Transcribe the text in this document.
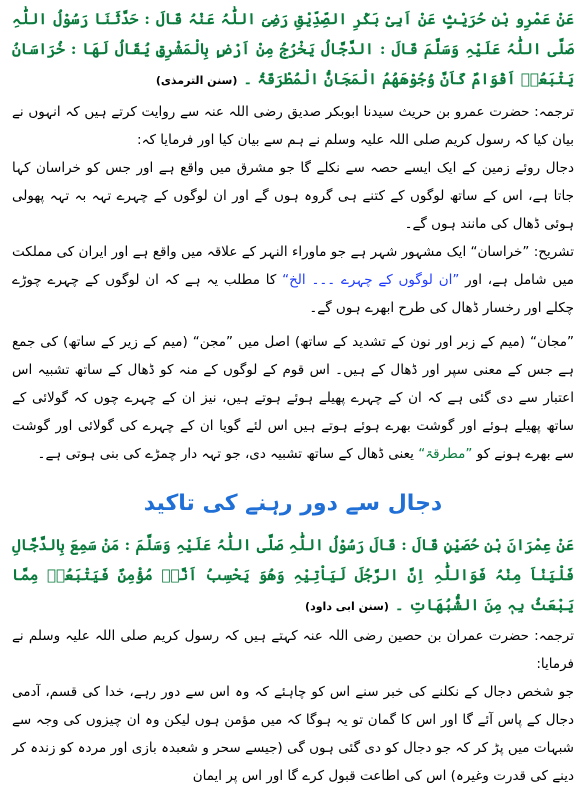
عَنْ عَمْرِو بْنِ حُرَيْثٍ عَنْ اَبِیْ بَکْرِ الصِّدِّیْقِ رَضِیَ اللّٰہُ عَنْہُ قَالَ : حَدَّثَنَا رَسُوْلُ اللّٰہِ صَلَّی اللّٰہُ عَلَیْہِ وَسَلَّمَ قَالَ : الدَّجَّالُ یَخْرُجُ مِنْ اَرْضٍ بِالْمَشْرِقِ یُقَالُ لَھَا : خُرَاسَانُ یَتْبَعُہٗ اَقْوَامٌ کَاَنَّ وُجُوْھَھُمُ الْمَجَانُّ الْمُطْرَقَۃُ ۔(سنن الترمذی)

ترجمہ: حضرت عمرو بن حریث سیدنا ابوبکر صدیق رضی اللہ عنہ سے روایت کرتے ہیں کہ انہوں نے بیان کیا کہ رسول کریم صلی اللہ علیہ وسلم نے ہم سے بیان کیا اور فرمایا کہ:

دجال روئے زمین کے ایک ایسے حصہ سے نکلے گا جو مشرق میں واقع ہے اور جس کو خراسان کہا جاتا ہے، اس کے ساتھ لوگوں کے کتنے ہی گروہ ہوں گے اور ان لوگوں کے چہرے تہہ بہ تہہ پھولی ہوئی ڈھال کی مانند ہوں گے۔

تشریح: ”خراسان“ ایک مشہور شہر ہے جو ماوراء النہر کے علاقہ میں واقع ہے اور ایران کی مملکت میں شامل ہے، اور ”ان لوگوں کے چہرے ۔۔۔ الخ“ کا مطلب یہ ہے کہ ان لوگوں کے چہرے چوڑے چکلے اور رخسار ڈھال کی طرح ابھرے ہوں گے۔

”مجان“ (میم کے زبر اور نون کے تشدید کے ساتھ) اصل میں ”مجن“ (میم کے زیر کے ساتھ) کی جمع ہے جس کے معنی سپر اور ڈھال کے ہیں۔ اس قوم کے لوگوں کے منہ کو ڈھال کے ساتھ تشبیہ اس اعتبار سے دی گئی ہے کہ ان کے چہرے پھیلے ہوئے ہوتے ہیں، نیز ان کے چہرے چوں کہ گولائی کے ساتھ پھیلے ہوئے اور گوشت بھرے ہوئے ہوتے ہیں اس لئے گویا ان کے چہرے کی گولائی اور گوشت سے بھرے ہونے کو ”مطرقۃ“ یعنی ڈھال کے ساتھ تشبیہ دی، جو تہہ دار چمڑے کی بنی ہوتی ہے۔

دجال سے دور رہنے کی تاکید

عَنْ عِمْرَانَ بْنِ حُصَیْنٍ قَالَ : قَالَ رَسُوْلُ اللّٰہِ صَلَّی اللّٰہُ عَلَیْہِ وَسَلَّمَ : مَنْ سَمِعَ بِالدَّجَّالِ فَلْیَنْاَ مِنْہُ فَوَاللّٰہِ اِنَّ الرَّجُلَ لَیَاْتِیْہِ وَھُوَ یَحْسِبُ اَنَّہٗ مُؤْمِنٌ فَیَتْبَعُہٗ مِمَّا یَبْعَثُ بِہٖ مِنَ الشُّبُھَاتِ ۔(سنن ابی داود)

ترجمہ: حضرت عمران بن حصین رضی اللہ عنہ کہتے ہیں کہ رسول کریم صلی اللہ علیہ وسلم نے فرمایا:

جو شخص دجال کے نکلنے کی خبر سنے اس کو چاہئے کہ وہ اس سے دور رہے، خدا کی قسم، آدمی دجال کے پاس آئے گا اور اس کا گمان تو یہ ہوگا کہ میں مؤمن ہوں لیکن وہ ان چیزوں کی وجہ سے شبہات میں پڑ کر کہ جو دجال کو دی گئی ہوں گی (جیسے سحر و شعبدہ بازی اور مردہ کو زندہ کر دینے کی قدرت وغیرہ) اس کی اطاعت قبول کرے گا اور اس پر ایمان
